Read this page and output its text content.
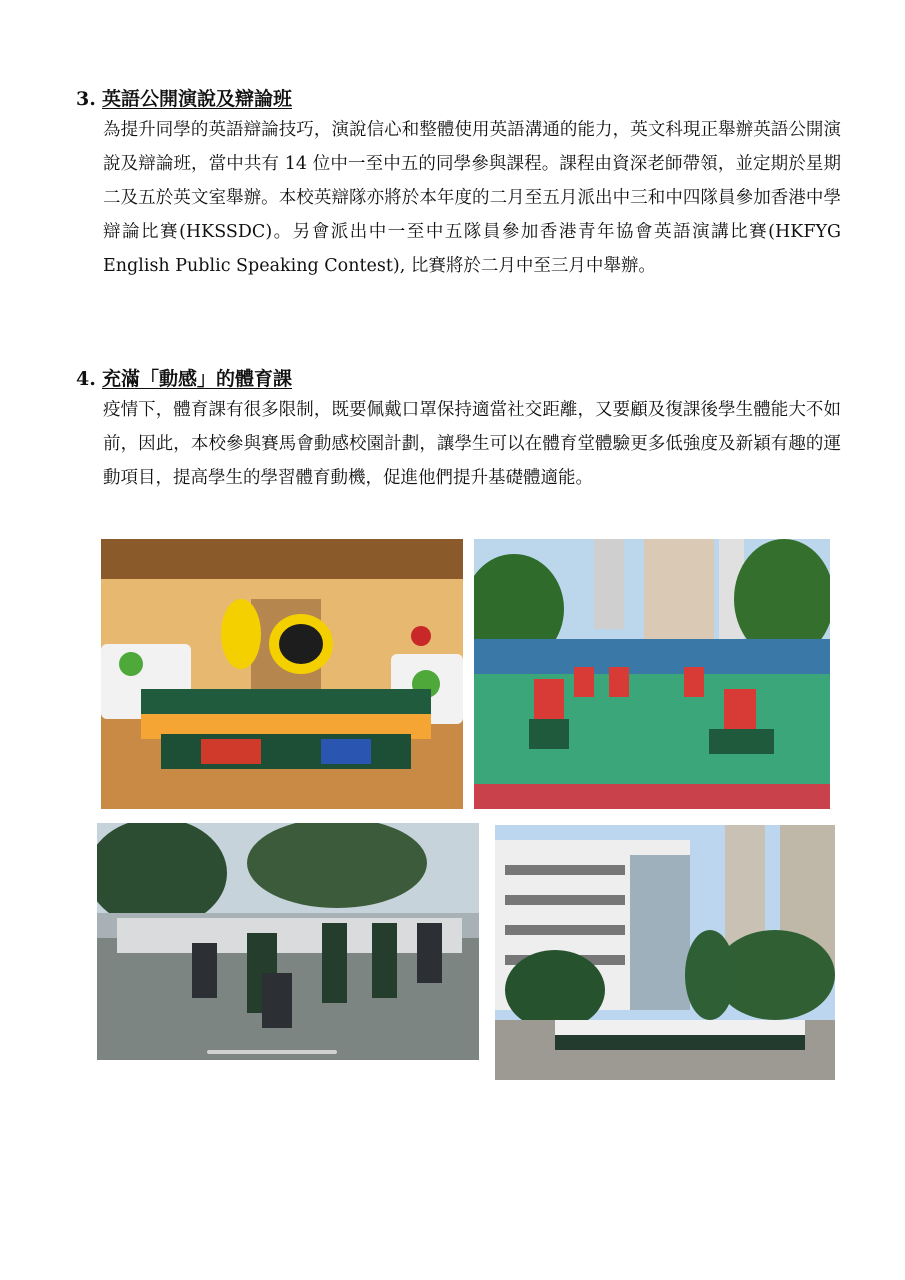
3. 英語公開演說及辯論班
為提升同學的英語辯論技巧，演說信心和整體使用英語溝通的能力，英文科現正舉辦英語公開演說及辯論班，當中共有 14 位中一至中五的同學參與課程。課程由資深老師帶領，並定期於星期二及五於英文室舉辦。本校英辯隊亦將於本年度的二月至五月派出中三和中四隊員參加香港中學辯論比賽(HKSSDC)。另會派出中一至中五隊員參加香港青年協會英語演講比賽(HKFYG English Public Speaking Contest), 比賽將於二月中至三月中舉辦。
4. 充滿「動感」的體育課
疫情下，體育課有很多限制，既要佩戴口罩保持適當社交距離，又要顧及復課後學生體能大不如前，因此，本校參與賽馬會動感校園計劃，讓學生可以在體育堂體驗更多低強度及新穎有趣的運動項目，提高學生的學習體育動機，促進他們提升基礎體適能。
